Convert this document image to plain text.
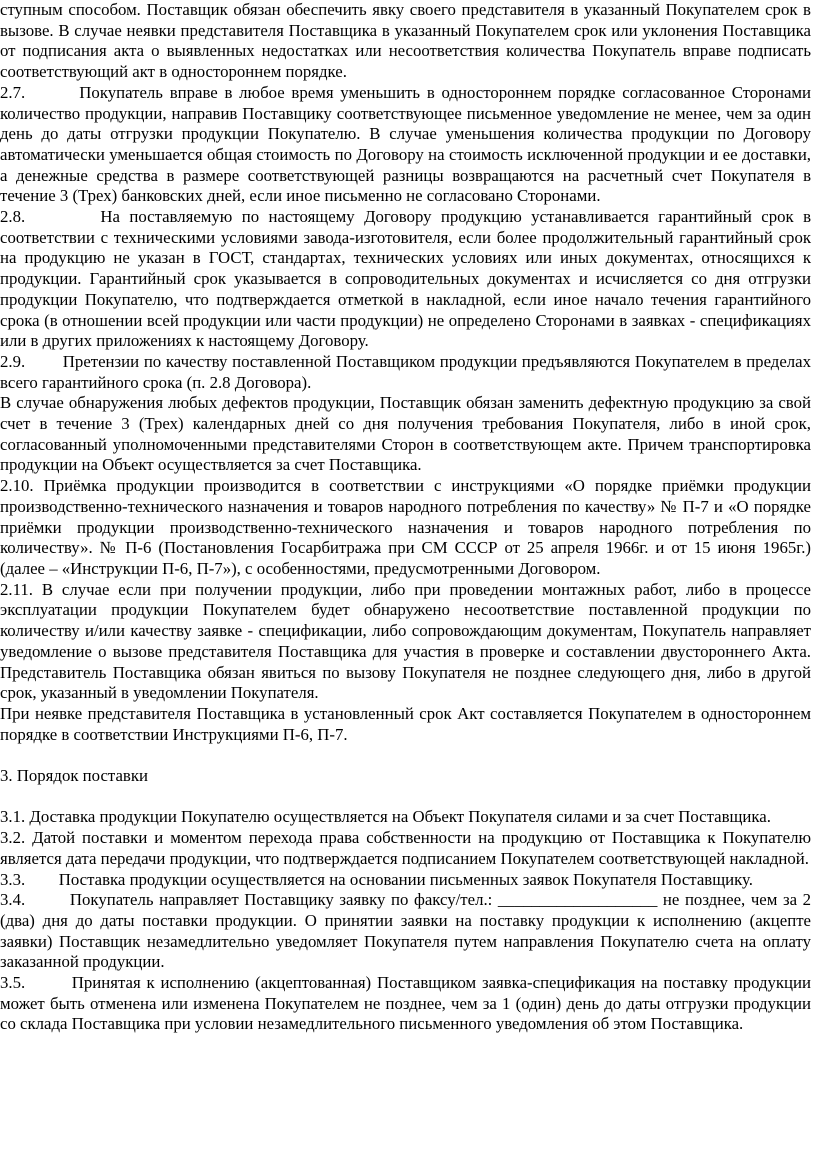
ступным способом. Поставщик обязан обеспечить явку своего представителя в указанный Покупателем срок в вызове. В случае неявки представителя Поставщика в указанный Покупателем срок или уклонения Поставщика от подписания акта о выявленных недостатках или несоответствия количества Покупатель вправе подписать соответствующий акт в одностороннем порядке.

2.7.        Покупатель вправе в любое время уменьшить в одностороннем порядке согласованное Сторонами количество продукции, направив Поставщику соответствующее письменное уведомление не менее, чем за один день до даты отгрузки продукции Покупателю. В случае уменьшения количества продукции по Договору автоматически уменьшается общая стоимость по Договору на стоимость исключенной продукции и ее доставки, а денежные средства в размере соответствующей разницы возвращаются на расчетный счет Покупателя в течение 3 (Трех) банковских дней, если иное письменно не согласовано Сторонами.

2.8.        На поставляемую по настоящему Договору продукцию устанавливается гарантийный срок в соответствии с техническими условиями завода-изготовителя, если более продолжительный гарантийный срок на продукцию не указан в ГОСТ, стандартах, технических условиях или иных документах, относящихся к продукции. Гарантийный срок указывается в сопроводительных документах и исчисляется со дня отгрузки продукции Покупателю, что подтверждается отметкой в накладной, если иное начало течения гарантийного срока (в отношении всей продукции или части продукции) не определено Сторонами в заявках - спецификациях или в других приложениях к настоящему Договору.

2.9.        Претензии по качеству поставленной Поставщиком продукции предъявляются Покупателем в пределах всего гарантийного срока (п. 2.8 Договора).

В случае обнаружения любых дефектов продукции, Поставщик обязан заменить дефектную продукцию за свой счет в течение 3 (Трех) календарных дней со дня получения требования Покупателя, либо в иной срок, согласованный уполномоченными представителями Сторон в соответствующем акте. Причем транспортировка продукции на Объект осуществляется за счет Поставщика.

2.10. Приёмка продукции производится в соответствии с инструкциями «О порядке приёмки продукции производственно-технического назначения и товаров народного потребления по качеству» № П-7 и «О порядке приёмки продукции производственно-технического назначения и товаров народного потребления по количеству». № П-6 (Постановления Госарбитража при СМ СССР от 25 апреля 1966г. и от 15 июня 1965г.) (далее – «Инструкции П-6, П-7»), с особенностями, предусмотренными Договором.

2.11. В случае если при получении продукции, либо при проведении монтажных работ, либо в процессе эксплуатации продукции Покупателем будет обнаружено несоответствие поставленной продукции по количеству и/или качеству заявке - спецификации, либо сопровождающим документам, Покупатель направляет уведомление о вызове представителя Поставщика для участия в проверке и составлении двустороннего Акта. Представитель Поставщика обязан явиться по вызову Покупателя не позднее следующего дня, либо в другой срок, указанный в уведомлении Покупателя.

При неявке представителя Поставщика в установленный срок Акт составляется Покупателем в одностороннем порядке в соответствии Инструкциями П-6, П-7.

3. Порядок поставки

3.1. Доставка продукции Покупателю осуществляется на Объект Покупателя силами и за счет Поставщика.

3.2. Датой поставки и моментом перехода права собственности на продукцию от Поставщика к Покупателю является дата передачи продукции, что подтверждается подписанием Покупателем соответствующей накладной.

3.3.        Поставка продукции осуществляется на основании письменных заявок Покупателя Поставщику.

3.4.        Покупатель направляет Поставщику заявку по факсу/тел.: ___________________ не позднее, чем за 2 (два) дня до даты поставки продукции. О принятии заявки на поставку продукции к исполнению (акцепте заявки) Поставщик незамедлительно уведомляет Покупателя путем направления Покупателю счета на оплату заказанной продукции.

3.5.        Принятая к исполнению (акцептованная) Поставщиком заявка-спецификация на поставку продукции может быть отменена или изменена Покупателем не позднее, чем за 1 (один) день до даты отгрузки продукции со склада Поставщика при условии незамедлительного письменного уведомления об этом Поставщика.
